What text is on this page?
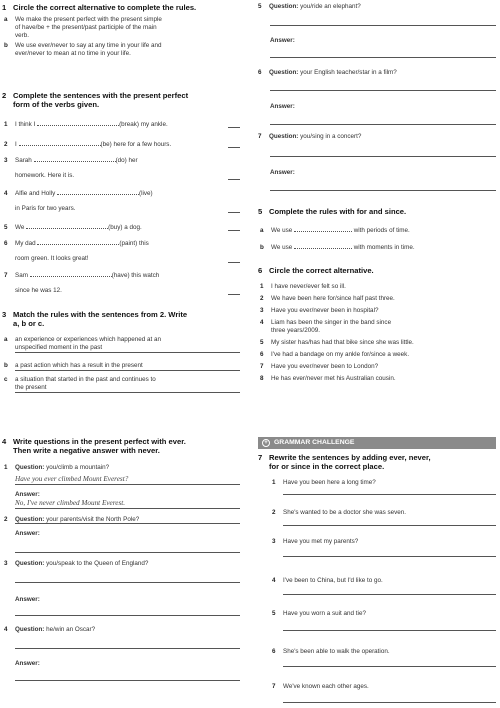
1 Circle the correct alternative to complete the rules.
a We make the present perfect with the present simple
of have/be + the present/past participle of the main
verb.
b We use ever/never to say at any time in your life and
ever/never to mean at no time in your life.
2 Complete the sentences with the present perfect
form of the verbs given.
1 I think I	(break) my ankle.
2 I	(be) here for a few hours.
3 Sarah	(do) her
homework. Here it is.
4 Alfie and Holly	(live)
in Paris for two years.
5 We	(buy) a dog.
6 My dad	(paint) this
room green. It looks great!
7 Sam	(have) this watch
since he was 12.
3 Match the rules with the sentences from 2. Write
a, b or c.
a an experience or experiences which happened at an
unspecified moment in the past
b a past action which has a result in the present
c a situation that started in the past and continues to
the present
4 Write questions in the present perfect with ever.
Then write a negative answer with never.
1 Question: you/climb a mountain?
Have you ever climbed Mount Everest?
Answer:
No, I've never climbed Mount Everest.
2 Question: your parents/visit the North Pole?
Answer:
3 Question: you/speak to the Queen of England?
Answer:
4 Question: he/win an Oscar?
Answer:
5 Question: you/ride an elephant?
Answer:
6 Question: your English teacher/star in a film?
Answer:
7 Question: you/sing in a concert?
Answer:
5 Complete the rules with for and since.
a We use	with periods of time.
b We use	with moments in time.
6 Circle the correct alternative.
1 I have never/ever felt so ill.
2 We have been here for/since half past three.
3 Have you ever/never been in hospital?
4 Liam has been the singer in the band since
three years/2009.
5 My sister has/has had that bike since she was little.
6 I've had a bandage on my ankle for/since a week.
7 Have you ever/never been to London?
8 He has ever/never met his Australian cousin.
+ GRAMMAR CHALLENGE
7 Rewrite the sentences by adding ever, never,
for or since in the correct place.
1 Have you been here a long time?
2 She's wanted to be a doctor she was seven.
3 Have you met my parents?
4 I've been to China, but I'd like to go.
5 Have you worn a suit and tie?
6 She's been able to walk the operation.
7 We've known each other ages.
